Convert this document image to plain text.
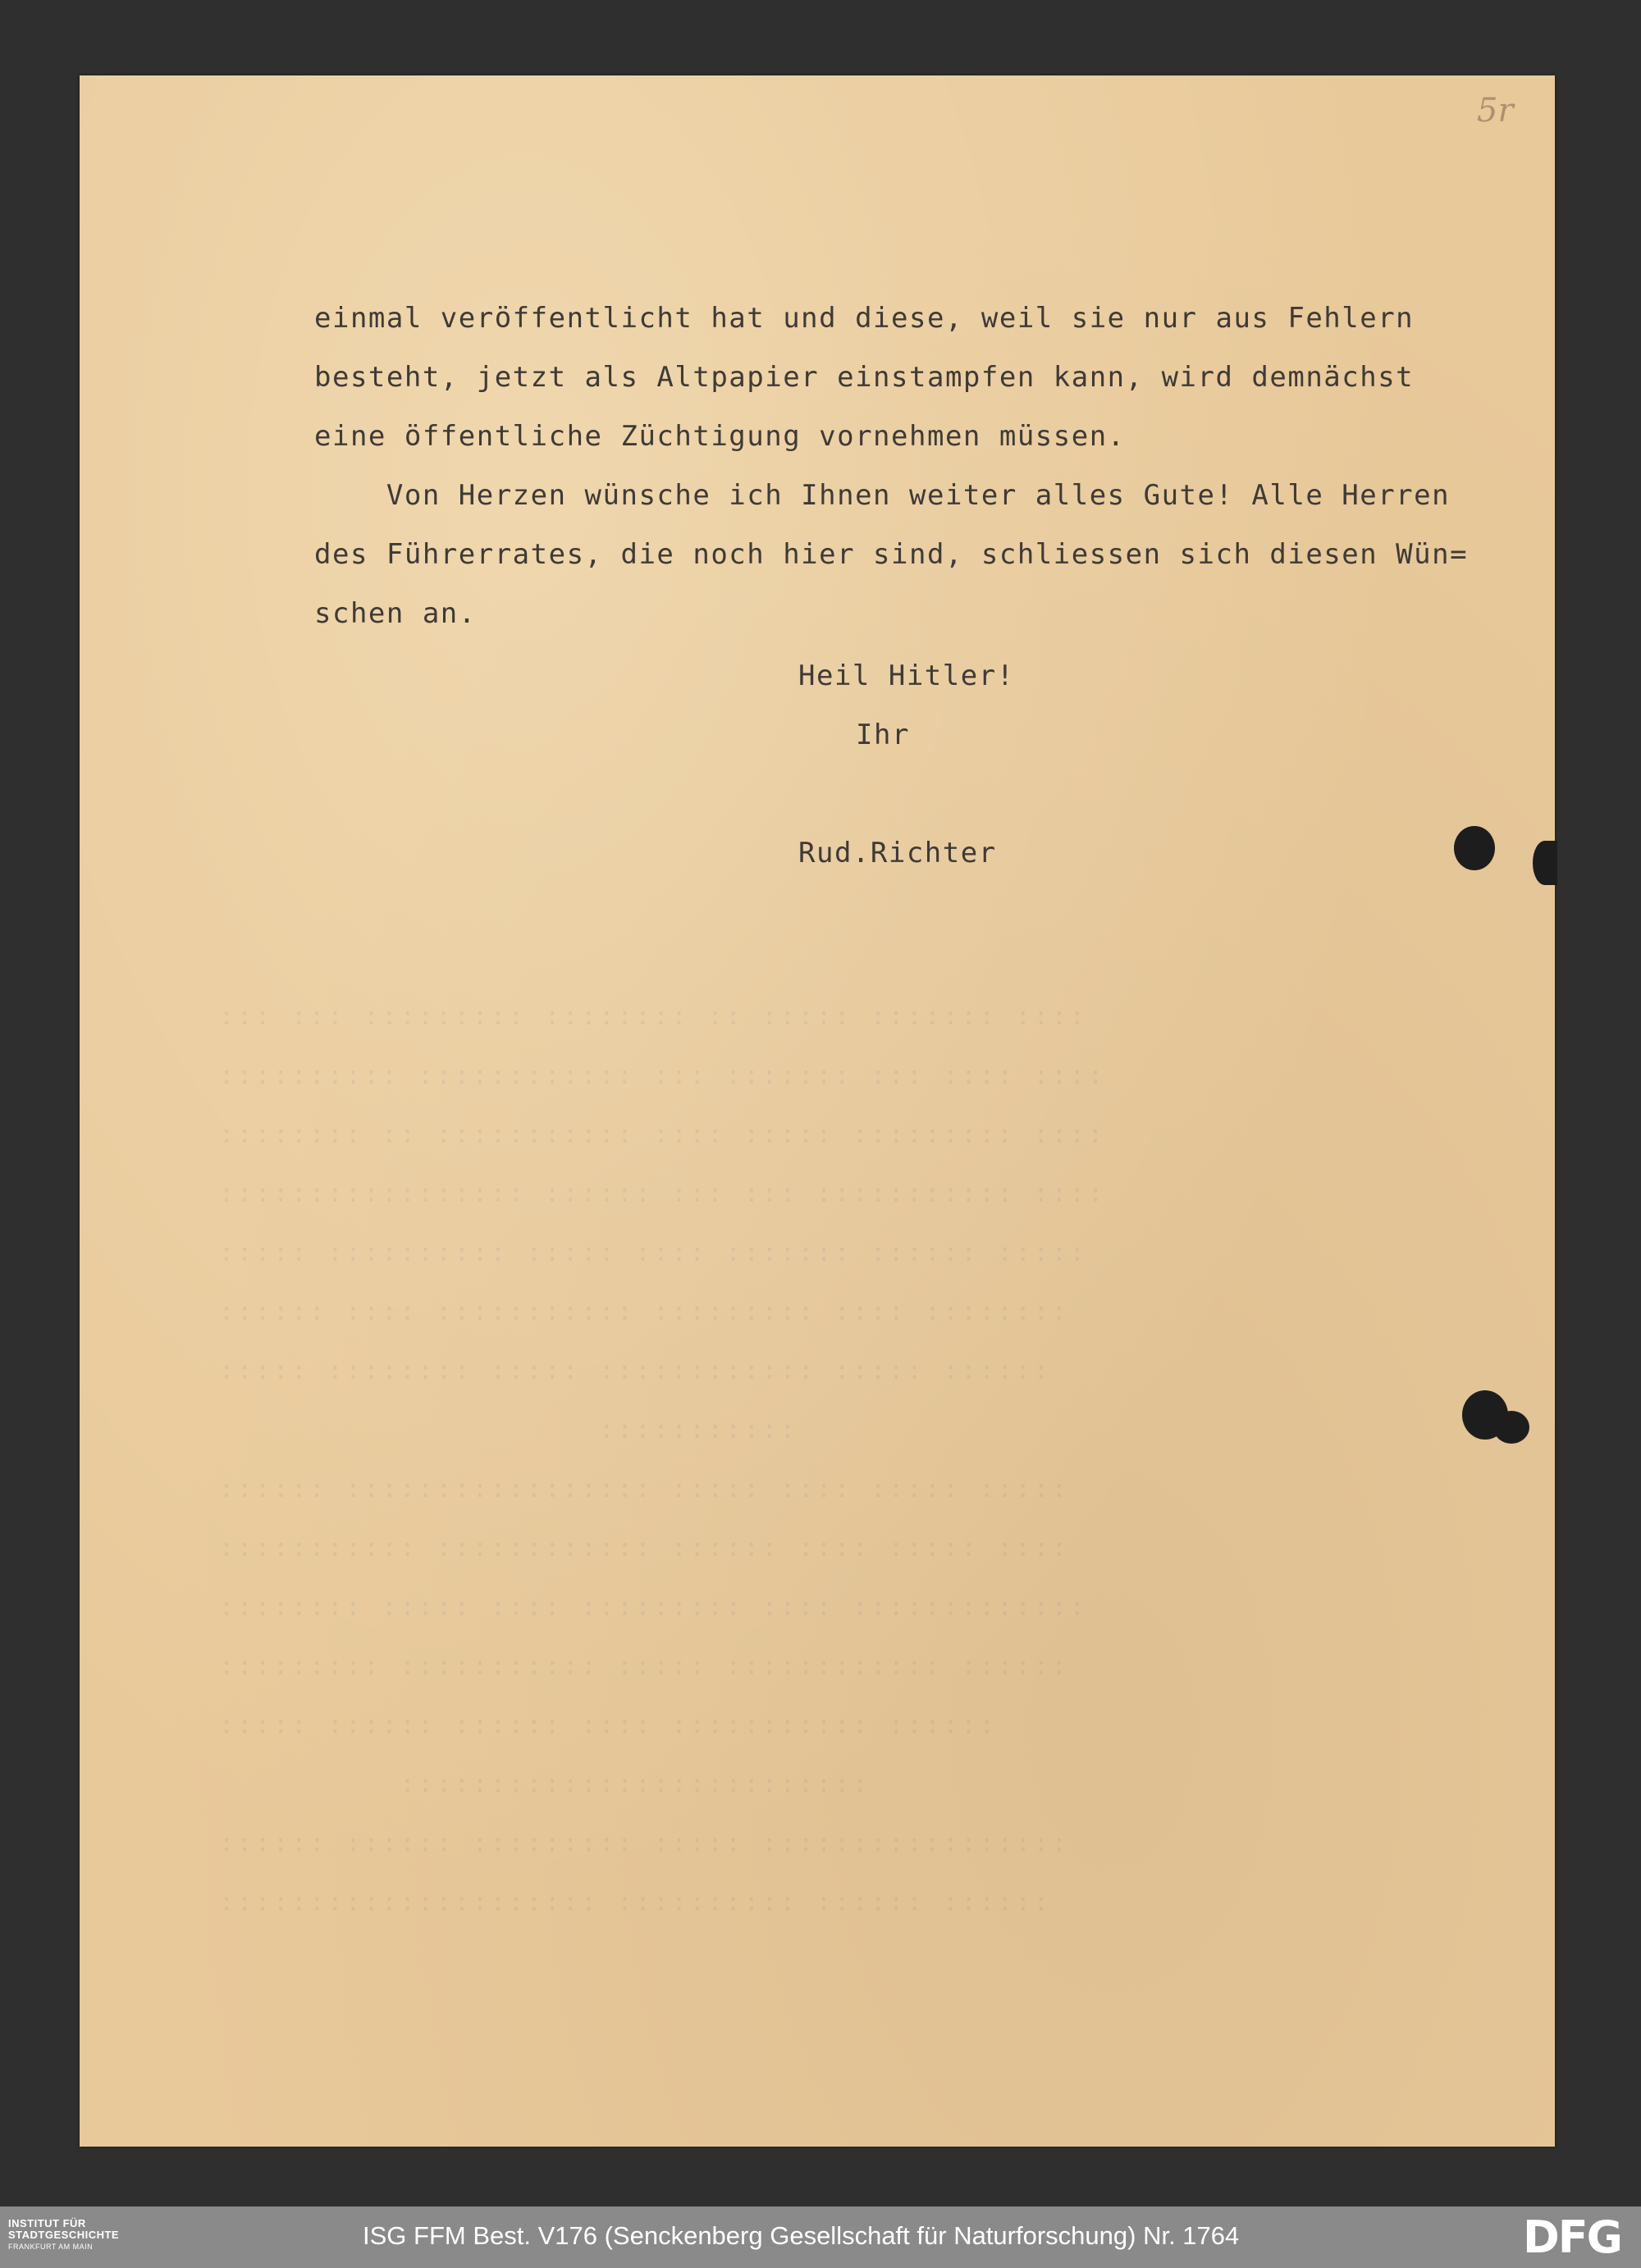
::: ::: ::::::::: :::::::: :: ::::: ::::::: ::::
:::::::::: :::::::::::: ::: ::::::: ::: :::: ::::
:::::::: :: ::::::::::: :::: ::::: ::::::::: ::::
::::::::::::::::: :::::: ::: ::: ::::::::::: ::::
::::: :::::::::: ::::: :::: ::::::: :::::: :::::
:::::: :::: ::::::::::: ::::::::: :::: ::::::::
::::: :::::::: ::::: :::::::::::: ::::: ::::::
:::::::::::
:::::: ::::::::::::::::: ::::: :::: ::::: :::::
::::::::::: :::::::::::: :::::: :::: ::::: ::::
:::::::: ::::: :::: ::::::::: :::: :::::::::::::
::::::::: ::::::::::: ::::: :::::::::::: ::::::
::::: :::::: :::::: :::: ::::::::::: ::::::
::::::::::::::::::::::::::
:::::: :::::: ::::::::: ::::: :::::::::::::::::
::::::::::::::::::::: :::::::::: :::::: ::::::

5r
einmal veröffentlicht hat und diese, weil sie nur aus Fehlern
besteht, jetzt als Altpapier einstampfen kann, wird demnächst
eine öffentliche Züchtigung vornehmen müssen.
Von Herzen wünsche ich Ihnen weiter alles Gute! Alle Herren
des Führerrates, die noch hier sind, schliessen sich diesen Wün=
schen an.
Heil Hitler!
Ihr
Rud.Richter
INSTITUT FÜR
STADTGESCHICHTE
FRANKFURT AM MAIN	ISG FFM Best. V176 (Senckenberg Gesellschaft für Naturforschung) Nr. 1764	DFG
